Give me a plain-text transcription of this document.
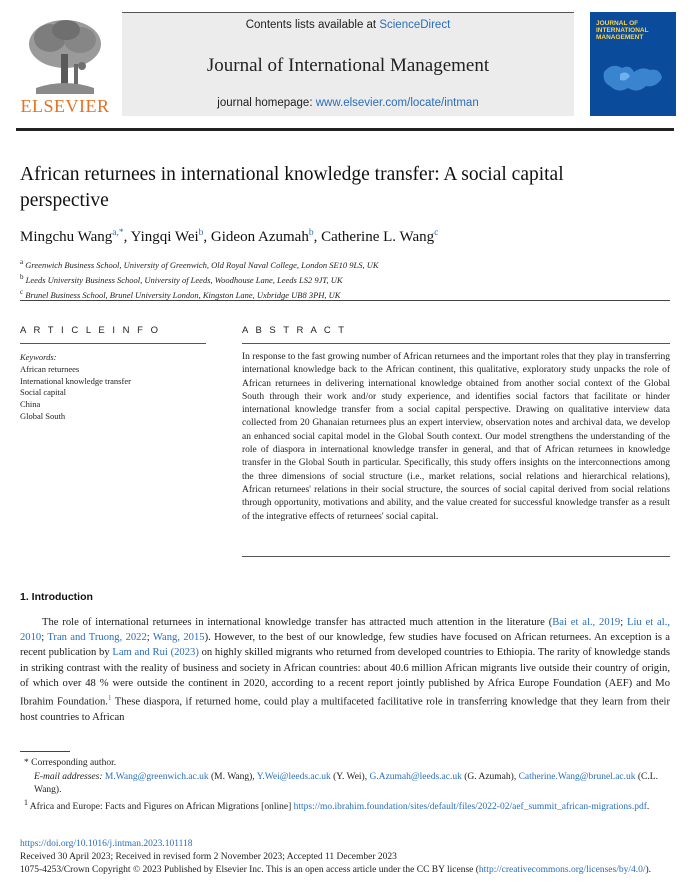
ELSEVIER
Contents lists available at ScienceDirect
Journal of International Management
journal homepage: www.elsevier.com/locate/intman
JOURNAL OF INTERNATIONAL MANAGEMENT
African returnees in international knowledge transfer: A social capital perspective
Mingchu Wang$^{a,*}$, Yingqi Wei$^b$, Gideon Azumah$^b$, Catherine L. Wang$^c$
$^a$ Greenwich Business School, University of Greenwich, Old Royal Naval College, London SE10 9LS, UK
$^b$ Leeds University Business School, University of Leeds, Woodhouse Lane, Leeds LS2 9JT, UK
$^c$ Brunel Business School, Brunel University London, Kingston Lane, Uxbridge UB8 3PH, UK
A R T I C L E I N F O
Keywords:
African returnees
International knowledge transfer
Social capital
China
Global South
A B S T R A C T
In response to the fast growing number of African returnees and the important roles that they play in transferring international knowledge back to the African continent, this qualitative, exploratory study unpacks the role of African returnees in delivering international knowledge obtained from another social context of the Global South through their work and/or study experience, and identifies social factors that facilitate or hinder international knowledge transfer from a social capital perspective. Drawing on qualitative interview data collected from 20 Ghanaian returnees plus an expert interview, observation notes and archival data, we develop an enhanced social capital model in the Global South context. Our model strengthens the understanding of the role of diaspora in international knowledge transfer in general, and that of African returnees in knowledge transfer in the Global South in particular. Specifically, this study offers insights on the interconnections among the three dimensions of social structure (i.e., market relations, social relations and hierarchical relations), African returnees' relations in their social structure, the sources of social capital derived from social relations through opportunity, motivations and ability, and the value created for successful knowledge transfer as a result of the integrative effects of returnees' social capital.
1. Introduction
The role of international returnees in international knowledge transfer has attracted much attention in the literature (Bai et al., 2019; Liu et al., 2010; Tran and Truong, 2022; Wang, 2015). However, to the best of our knowledge, few studies have focused on African returnees. An exception is a recent publication by Lam and Rui (2023) on highly skilled migrants who returned from developed countries to Ethiopia. The rarity of knowledge stands in striking contrast with the reality of business and society in African countries: about 40.6 million African migrants live outside their country of origin, of which over 48 % were outside the continent in 2020, according to a recent report jointly published by Africa Europe Foundation (AEF) and Mo Ibrahim Foundation.$^1$ These diaspora, if returned home, could play a multifaceted facilitative role in transferring knowledge that they learn from their host countries to African

* Corresponding author.

E-mail addresses: M.Wang@greenwich.ac.uk (M. Wang), Y.Wei@leeds.ac.uk (Y. Wei), G.Azumah@leeds.ac.uk (G. Azumah), Catherine.Wang@brunel.ac.uk (C.L. Wang).

$^1$ Africa and Europe: Facts and Figures on African Migrations [online] https://mo.ibrahim.foundation/sites/default/files/2022-02/aef_summit_african-migrations.pdf.

https://doi.org/10.1016/j.intman.2023.101118
Received 30 April 2023; Received in revised form 2 November 2023; Accepted 11 December 2023
1075-4253/Crown Copyright © 2023 Published by Elsevier Inc. This is an open access article under the CC BY license (http://creativecommons.org/licenses/by/4.0/).
